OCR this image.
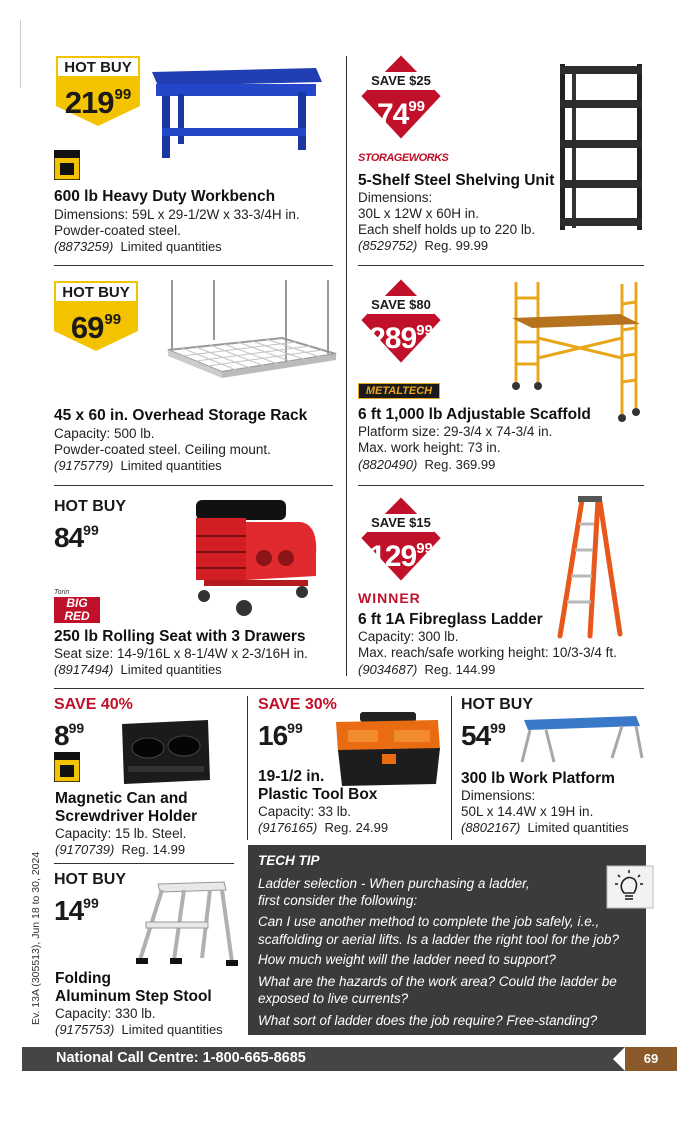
HOT BUY
$219^{99}$
600 lb Heavy Duty Workbench
Dimensions: 59L x 29-1/2W x 33-3/4H in.
Powder-coated steel.
(8873259) Limited quantities
SAVE $25
$74^{99}$
STORAGEWORKS
5-Shelf Steel Shelving Unit
Dimensions:
30L x 12W x 60H in.
Each shelf holds up to 220 lb.
(8529752) Reg. 99.99
HOT BUY
$69^{99}$
45 x 60 in. Overhead Storage Rack
Capacity: 500 lb.
Powder-coated steel. Ceiling mount.
(9175779) Limited quantities
SAVE $80
$289^{99}$
METALTECH
6 ft 1,000 lb Adjustable Scaffold
Platform size: 29-3/4 x 74-3/4 in.
Max. work height: 73 in.
(8820490) Reg. 369.99
HOT BUY
$84^{99}$
Torin
BIG RED
250 lb Rolling Seat with 3 Drawers
Seat size: 14-9/16L x 8-1/4W x 2-3/16H in.
(8917494) Limited quantities
SAVE $15
$129^{99}$
WINNER
6 ft 1A Fibreglass Ladder
Capacity: 300 lb.
Max. reach/safe working height: 10/3-3/4 ft.
(9034687) Reg. 144.99
SAVE 40%
$8^{99}$
Magnetic Can and
Screwdriver Holder
Capacity: 15 lb. Steel.
(9170739) Reg. 14.99
SAVE 30%
$16^{99}$
19-1/2 in.
Plastic Tool Box
Capacity: 33 lb.
(9176165) Reg. 24.99
HOT BUY
$54^{99}$
300 lb Work Platform
Dimensions:
50L x 14.4W x 19H in.
(8802167) Limited quantities
HOT BUY
$14^{99}$
Folding
Aluminum Step Stool
Capacity: 330 lb.
(9175753) Limited quantities
Ev. 13A (305513), Jun 18 to 30, 2024	TECH TIP
Ladder selection - When purchasing a ladder,
first consider the following:
Can I use another method to complete the job safely, i.e.,
scaffolding or aerial lifts. Is a ladder the right tool for the job?
How much weight will the ladder need to support?
What are the hazards of the work area? Could the ladder be
exposed to live currents?
What sort of ladder does the job require? Free-standing?
National Call Centre: 1-800-665-8685	69
